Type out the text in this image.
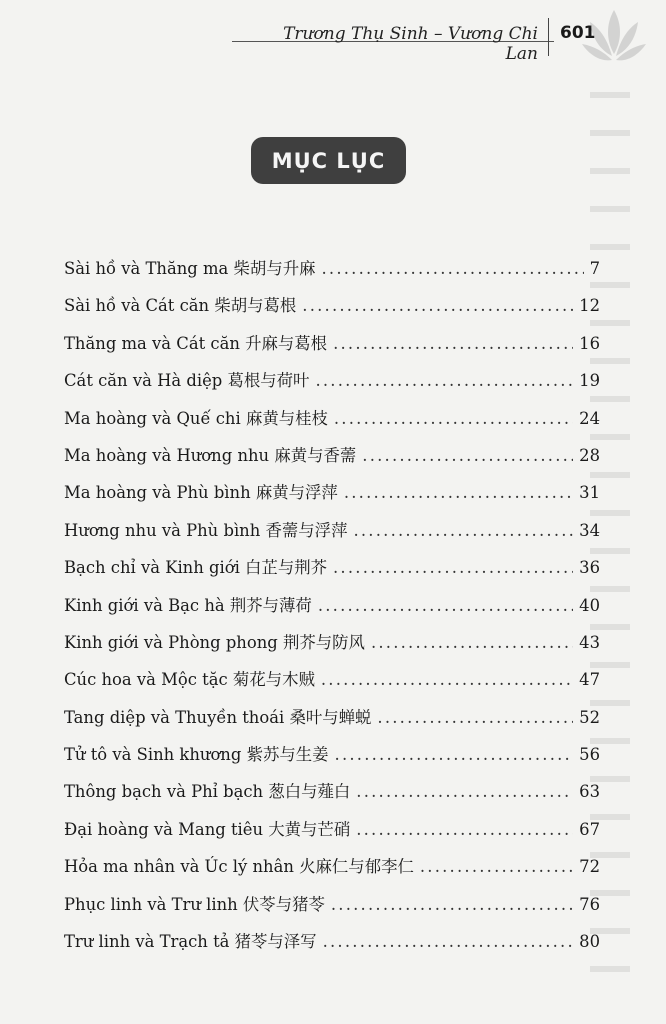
Trương Thụ Sinh – Vương Chi Lan
601
MỤC LỤC
Sài hồ và Thăng ma 柴胡与升麻 . . .	7
Sài hồ và Cát căn 柴胡与葛根 . . .	12
Thăng ma và Cát căn 升麻与葛根 . . .	16
Cát căn và Hà diệp 葛根与荷叶 . . .	19
Ma hoàng và Quế chi 麻黄与桂枝 . . .	24
Ma hoàng và Hương nhu 麻黄与香薷 . . .	28
Ma hoàng và Phù bình 麻黄与浮萍 . . .	31
Hương nhu và Phù bình 香薷与浮萍 . . .	34
Bạch chỉ và Kinh giới 白芷与荆芥 . . .	36
Kinh giới và Bạc hà 荆芥与薄荷 . . .	40
Kinh giới và Phòng phong 荆芥与防风 . . .	43
Cúc hoa và Mộc tặc 菊花与木贼 . . .	47
Tang diệp và Thuyền thoái 桑叶与蝉蜕 . . .	52
Tử tô và Sinh khương 紫苏与生姜 . . .	56
Thông bạch và Phỉ bạch 葱白与薤白 . . .	63
Đại hoàng và Mang tiêu 大黄与芒硝 . . .	67
Hỏa ma nhân và Úc lý nhân 火麻仁与郁李仁 . . .	72
Phục linh và Trư linh 伏苓与猪苓 . . .	76
Trư linh và Trạch tả 猪苓与泽写 . . .	80
